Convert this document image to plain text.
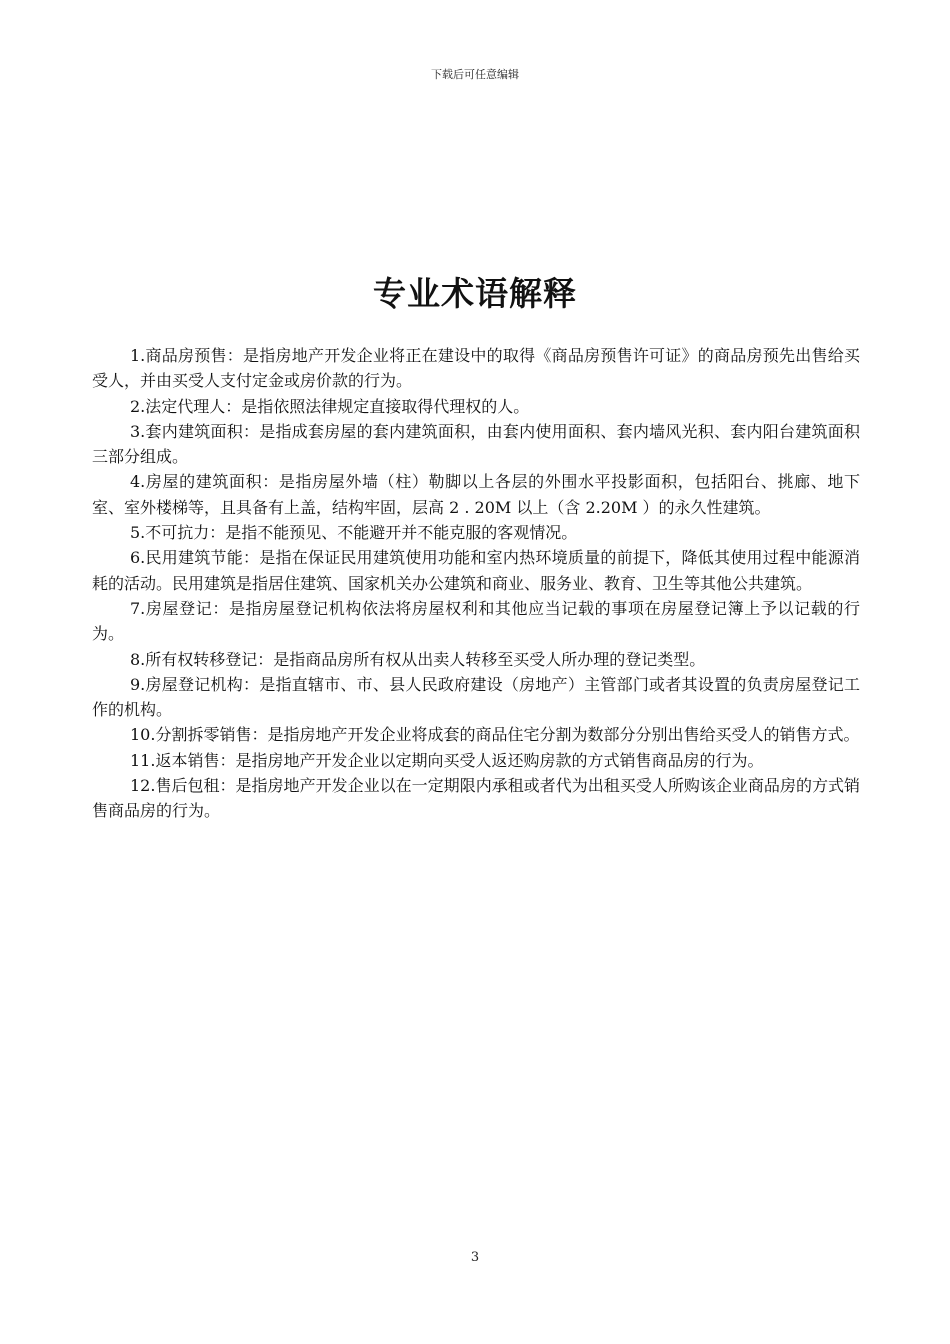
下载后可任意编辑
专业术语解释
1.商品房预售：是指房地产开发企业将正在建设中的取得《商品房预售许可证》的商品房预先出售给买受人，并由买受人支付定金或房价款的行为。
2.法定代理人：是指依照法律规定直接取得代理权的人。
3.套内建筑面积：是指成套房屋的套内建筑面积，由套内使用面积、套内墙风光积、套内阳台建筑面积三部分组成。
4.房屋的建筑面积：是指房屋外墙（柱）勒脚以上各层的外围水平投影面积，包括阳台、挑廊、地下室、室外楼梯等，且具备有上盖，结构牢固，层高 2 . 20M 以上（含 2.20M ）的永久性建筑。
5.不可抗力：是指不能预见、不能避开并不能克服的客观情况。
6.民用建筑节能：是指在保证民用建筑使用功能和室内热环境质量的前提下，降低其使用过程中能源消耗的活动。民用建筑是指居住建筑、国家机关办公建筑和商业、服务业、教育、卫生等其他公共建筑。
7.房屋登记：是指房屋登记机构依法将房屋权利和其他应当记载的事项在房屋登记簿上予以记载的行为。
8.所有权转移登记：是指商品房所有权从出卖人转移至买受人所办理的登记类型。
9.房屋登记机构：是指直辖市、市、县人民政府建设（房地产）主管部门或者其设置的负责房屋登记工作的机构。
10.分割拆零销售：是指房地产开发企业将成套的商品住宅分割为数部分分别出售给买受人的销售方式。
11.返本销售：是指房地产开发企业以定期向买受人返还购房款的方式销售商品房的行为。
12.售后包租：是指房地产开发企业以在一定期限内承租或者代为出租买受人所购该企业商品房的方式销售商品房的行为。
3
